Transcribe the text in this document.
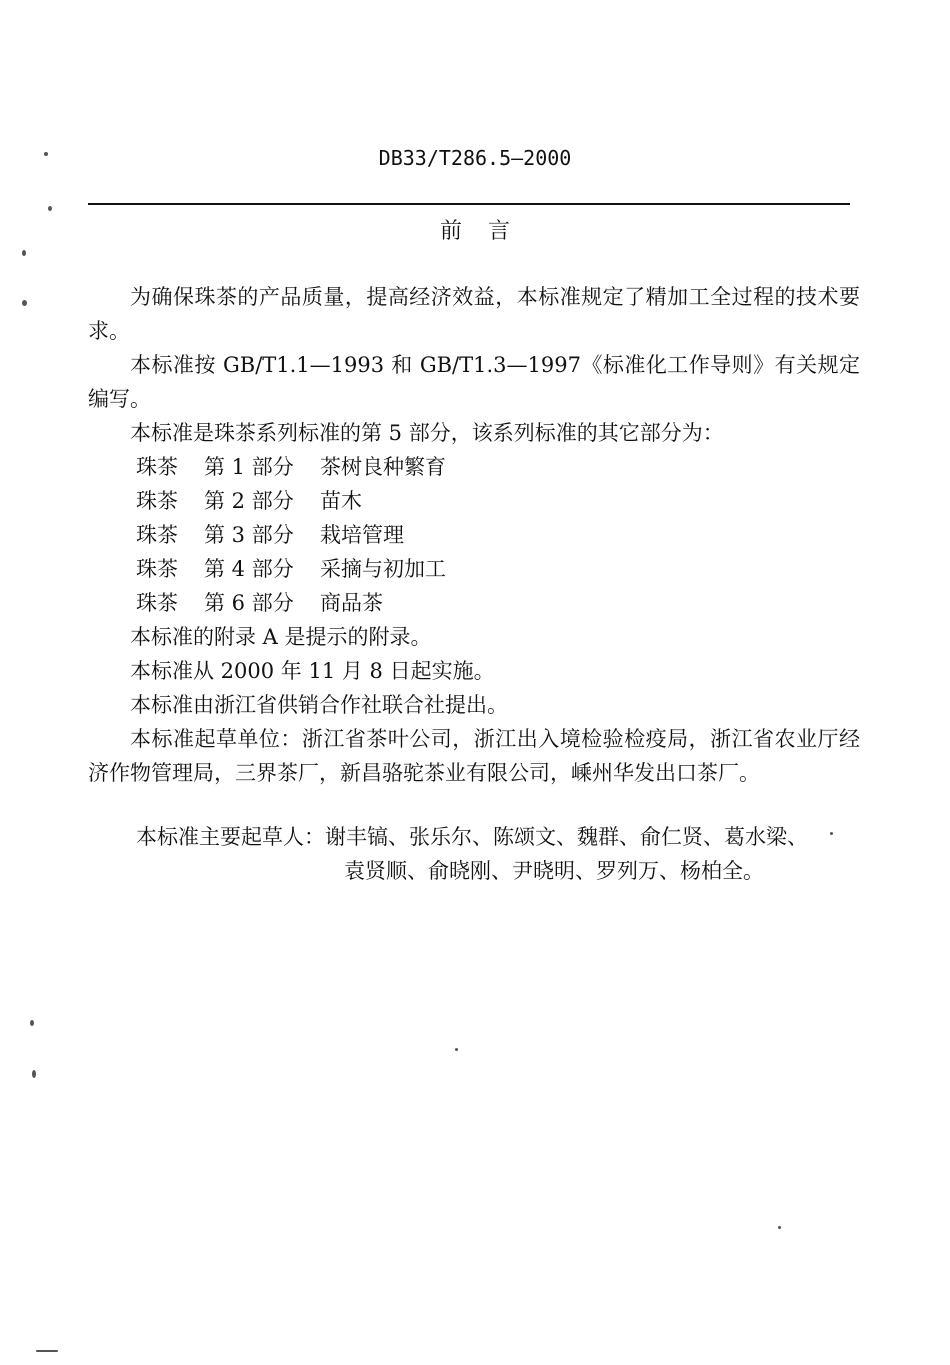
DB33/T286.5—2000
前言

为确保珠茶的产品质量，提高经济效益，本标准规定了精加工全过程的技术要求。

本标准按 GB/T1.1—1993 和 GB/T1.3—1997《标准化工作导则》有关规定编写。

本标准是珠茶系列标准的第 5 部分，该系列标准的其它部分为：

珠茶 第 1 部分 茶树良种繁育
珠茶 第 2 部分 苗木
珠茶 第 3 部分 栽培管理
珠茶 第 4 部分 采摘与初加工
珠茶 第 6 部分 商品茶

本标准的附录 A 是提示的附录。

本标准从 2000 年 11 月 8 日起实施。

本标准由浙江省供销合作社联合社提出。

本标准起草单位：浙江省茶叶公司，浙江出入境检验检疫局，浙江省农业厅经济作物管理局，三界茶厂，新昌骆驼茶业有限公司，嵊州华发出口茶厂。

本标准主要起草人：谢丰镐、张乐尔、陈颂文、魏群、俞仁贤、葛水梁、
袁贤顺、俞晓刚、尹晓明、罗列万、杨柏全。
